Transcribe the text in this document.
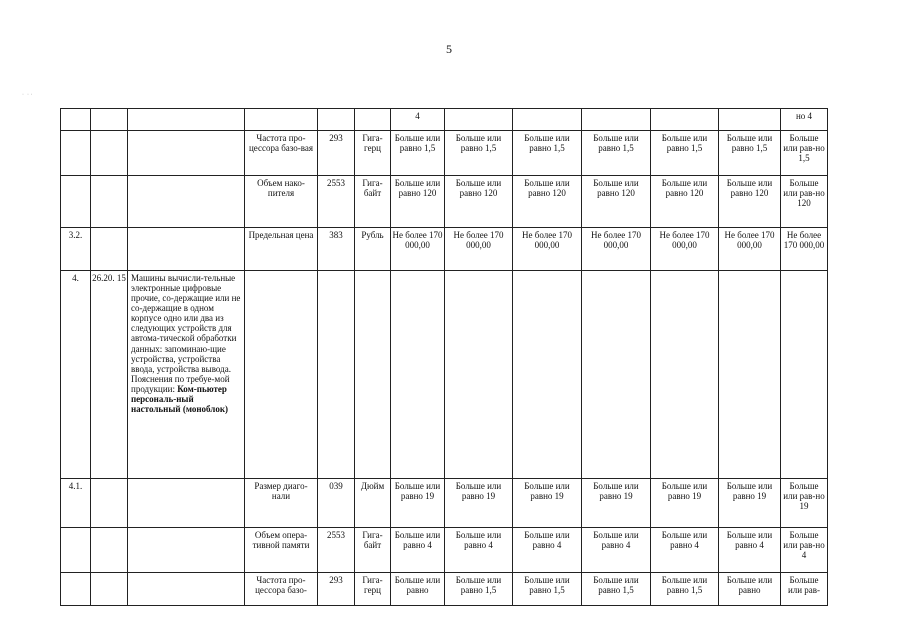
5
·  · ·
						4						но 4
			Частота про-цессора базо-вая	293	Гига-герц	Больше или равно 1,5	Больше или равно 1,5	Больше или равно 1,5	Больше или равно 1,5	Больше или равно 1,5	Больше или равно 1,5	Больше или рав-но 1,5
			Объем нако-пителя	2553	Гига-байт	Больше или равно 120	Больше или равно 120	Больше или равно 120	Больше или равно 120	Больше или равно 120	Больше или равно 120	Больше или рав-но 120
3.2.			Предельная цена	383	Рубль	Не более 170 000,00	Не более 170 000,00	Не более 170 000,00	Не более 170 000,00	Не более 170 000,00	Не более 170 000,00	Не более 170 000,00
4.	26.20. 15	Машины вычисли-тельные электронные цифровые прочие, со-держащие или не со-держащие в одном корпусе одно или два из следующих устройств для автома-тической обработки данных: запоминаю-щие устройства, устройства ввода, устройства вывода. Пояснения по требуе-мой продукции: Ком-пьютер персональ-ный настольный (моноблок)										
4.1.			Размер диаго-нали	039	Дюйм	Больше или равно 19	Больше или равно 19	Больше или равно 19	Больше или равно 19	Больше или равно 19	Больше или равно 19	Больше или рав-но 19
			Объем опера-тивной памяти	2553	Гига-байт	Больше или равно 4	Больше или равно 4	Больше или равно 4	Больше или равно 4	Больше или равно 4	Больше или равно 4	Больше или рав-но 4
			Частота про-цессора базо-	293	Гига-герц	Больше или равно	Больше или равно 1,5	Больше или равно 1,5	Больше или равно 1,5	Больше или равно 1,5	Больше или равно	Больше или рав-
